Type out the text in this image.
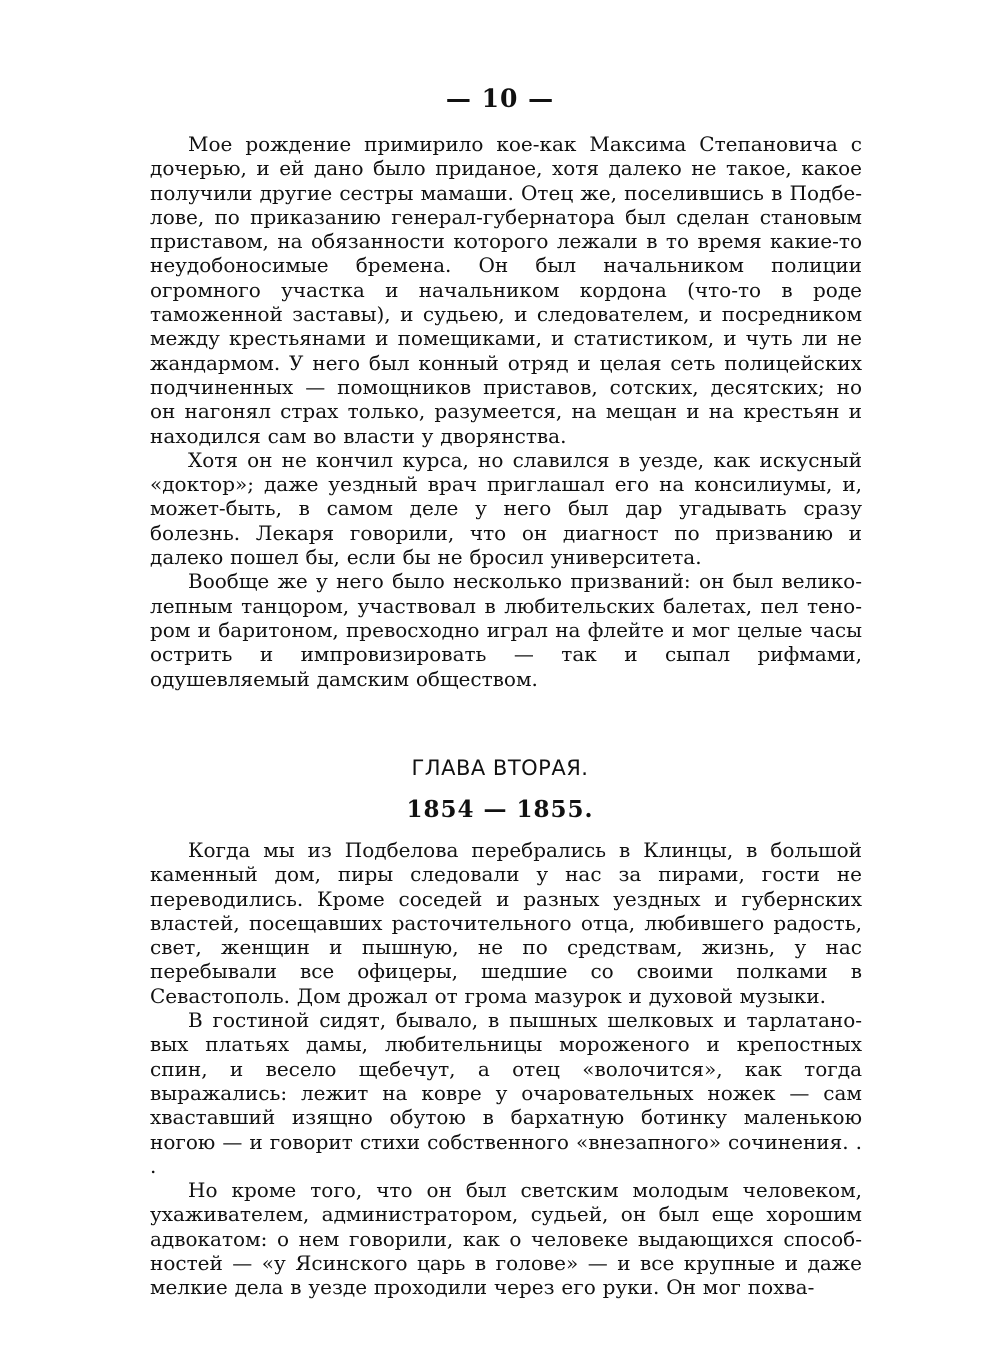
— 10 —

Мое рождение примирило кое-как Максима Степановича с дочерью, и ей дано было приданое, хотя далеко не такое, какое получили другие сестры мамаши. Отец же, поселившись в Подбелове, по приказанию генерал-губернатора был сделан становым приставом, на обязанности которого лежали в то время какие-то неудобоносимые бремена. Он был начальником полиции огромного участка и начальником кордона (что-то в роде таможенной заставы), и судьею, и следователем, и посредником между крестьянами и помещиками, и статистиком, и чуть ли не жандармом. У него был конный отряд и целая сеть полицейских подчиненных — помощников приставов, сотских, десятских; но он нагонял страх только, разумеется, на мещан и на крестьян и находился сам во власти у дворянства.

Хотя он не кончил курса, но славился в уезде, как искусный «доктор»; даже уездный врач приглашал его на консилиумы, и, может-быть, в самом деле у него был дар угадывать сразу болезнь. Лекаря говорили, что он диагност по призванию и далеко пошел бы, если бы не бросил университета.

Вообще же у него было несколько призваний: он был великолепным танцором, участвовал в любительских балетах, пел тенором и баритоном, превосходно играл на флейте и мог целые часы острить и импровизировать — так и сыпал рифмами, одушевляемый дамским обществом.

ГЛАВА ВТОРАЯ.
1854 — 1855.

Когда мы из Подбелова перебрались в Клинцы, в большой каменный дом, пиры следовали у нас за пирами, гости не переводились. Кроме соседей и разных уездных и губернских властей, посещавших расточительного отца, любившего радость, свет, женщин и пышную, не по средствам, жизнь, у нас перебывали все офицеры, шедшие со своими полками в Севастополь. Дом дрожал от грома мазурок и духовой музыки.

В гостиной сидят, бывало, в пышных шелковых и тарлатановых платьях дамы, любительницы мороженого и крепостных спин, и весело щебечут, а отец «волочится», как тогда выражались: лежит на ковре у очаровательных ножек — сам хваставший изящно обутою в бархатную ботинку маленькою ногою — и говорит стихи собственного «внезапного» сочинения. . .

Но кроме того, что он был светским молодым человеком, ухаживателем, администратором, судьей, он был еще хорошим адвокатом: о нем говорили, как о человеке выдающихся способностей — «у Ясинского царь в голове» — и все крупные и даже мелкие дела в уезде проходили через его руки. Он мог похва-
